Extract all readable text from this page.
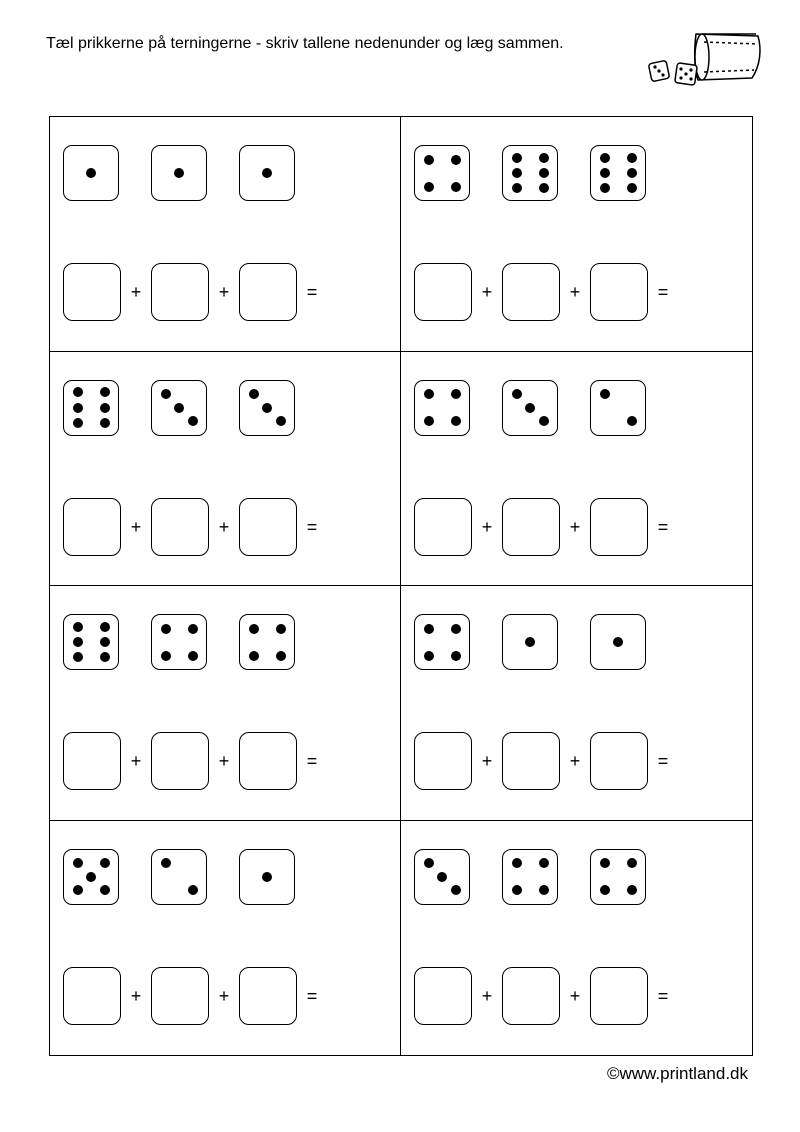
Tæl prikkerne på terningerne - skriv tallene nedenunder og læg sammen.
+	+	=	+	+	=
+	+	=	+	+	=
+	+	=	+	+	=
+	+	=	+	+	=
©www.printland.dk
